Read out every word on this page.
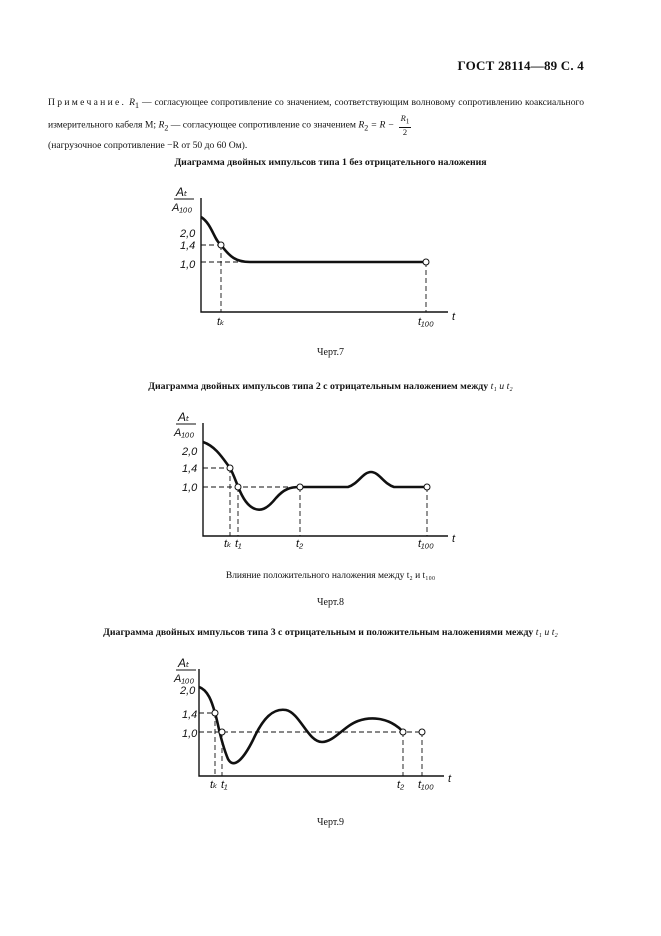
ГОСТ 28114—89 С. 4
Примечание. $R_1$ — согласующее сопротивление со значением, соответствующим волновому сопротивлению коаксиального измерительного кабеля М; $R_2$ — согласующее сопротивление со значением $R_2 = R - \frac{R_1}{2}$

(нагрузочное сопротивление −R от 50 до 60 Ом).
Диаграмма двойных импульсов типа 1 без отрицательного наложения
Aₜ
A₁₀₀
2,0
1,4
1,0
tₖ	t₁₀₀ t
Черт.7
Диаграмма двойных импульсов типа 2 с отрицательным наложением между t₁ и t₂
Aₜ
A₁₀₀
2,0
1,4
1,0
tₖ t₁	t₂	t₁₀₀ t
Влияние положительного наложения между t₂ и t₁₀₀
Черт.8
Диаграмма двойных импульсов типа 3 с отрицательным и положительным наложениями между t₁ и t₂
Aₜ
A₁₀₀
2,0
1,4
1,0
tₖ t₁	t₂ t₁₀₀ t
Черт.9
